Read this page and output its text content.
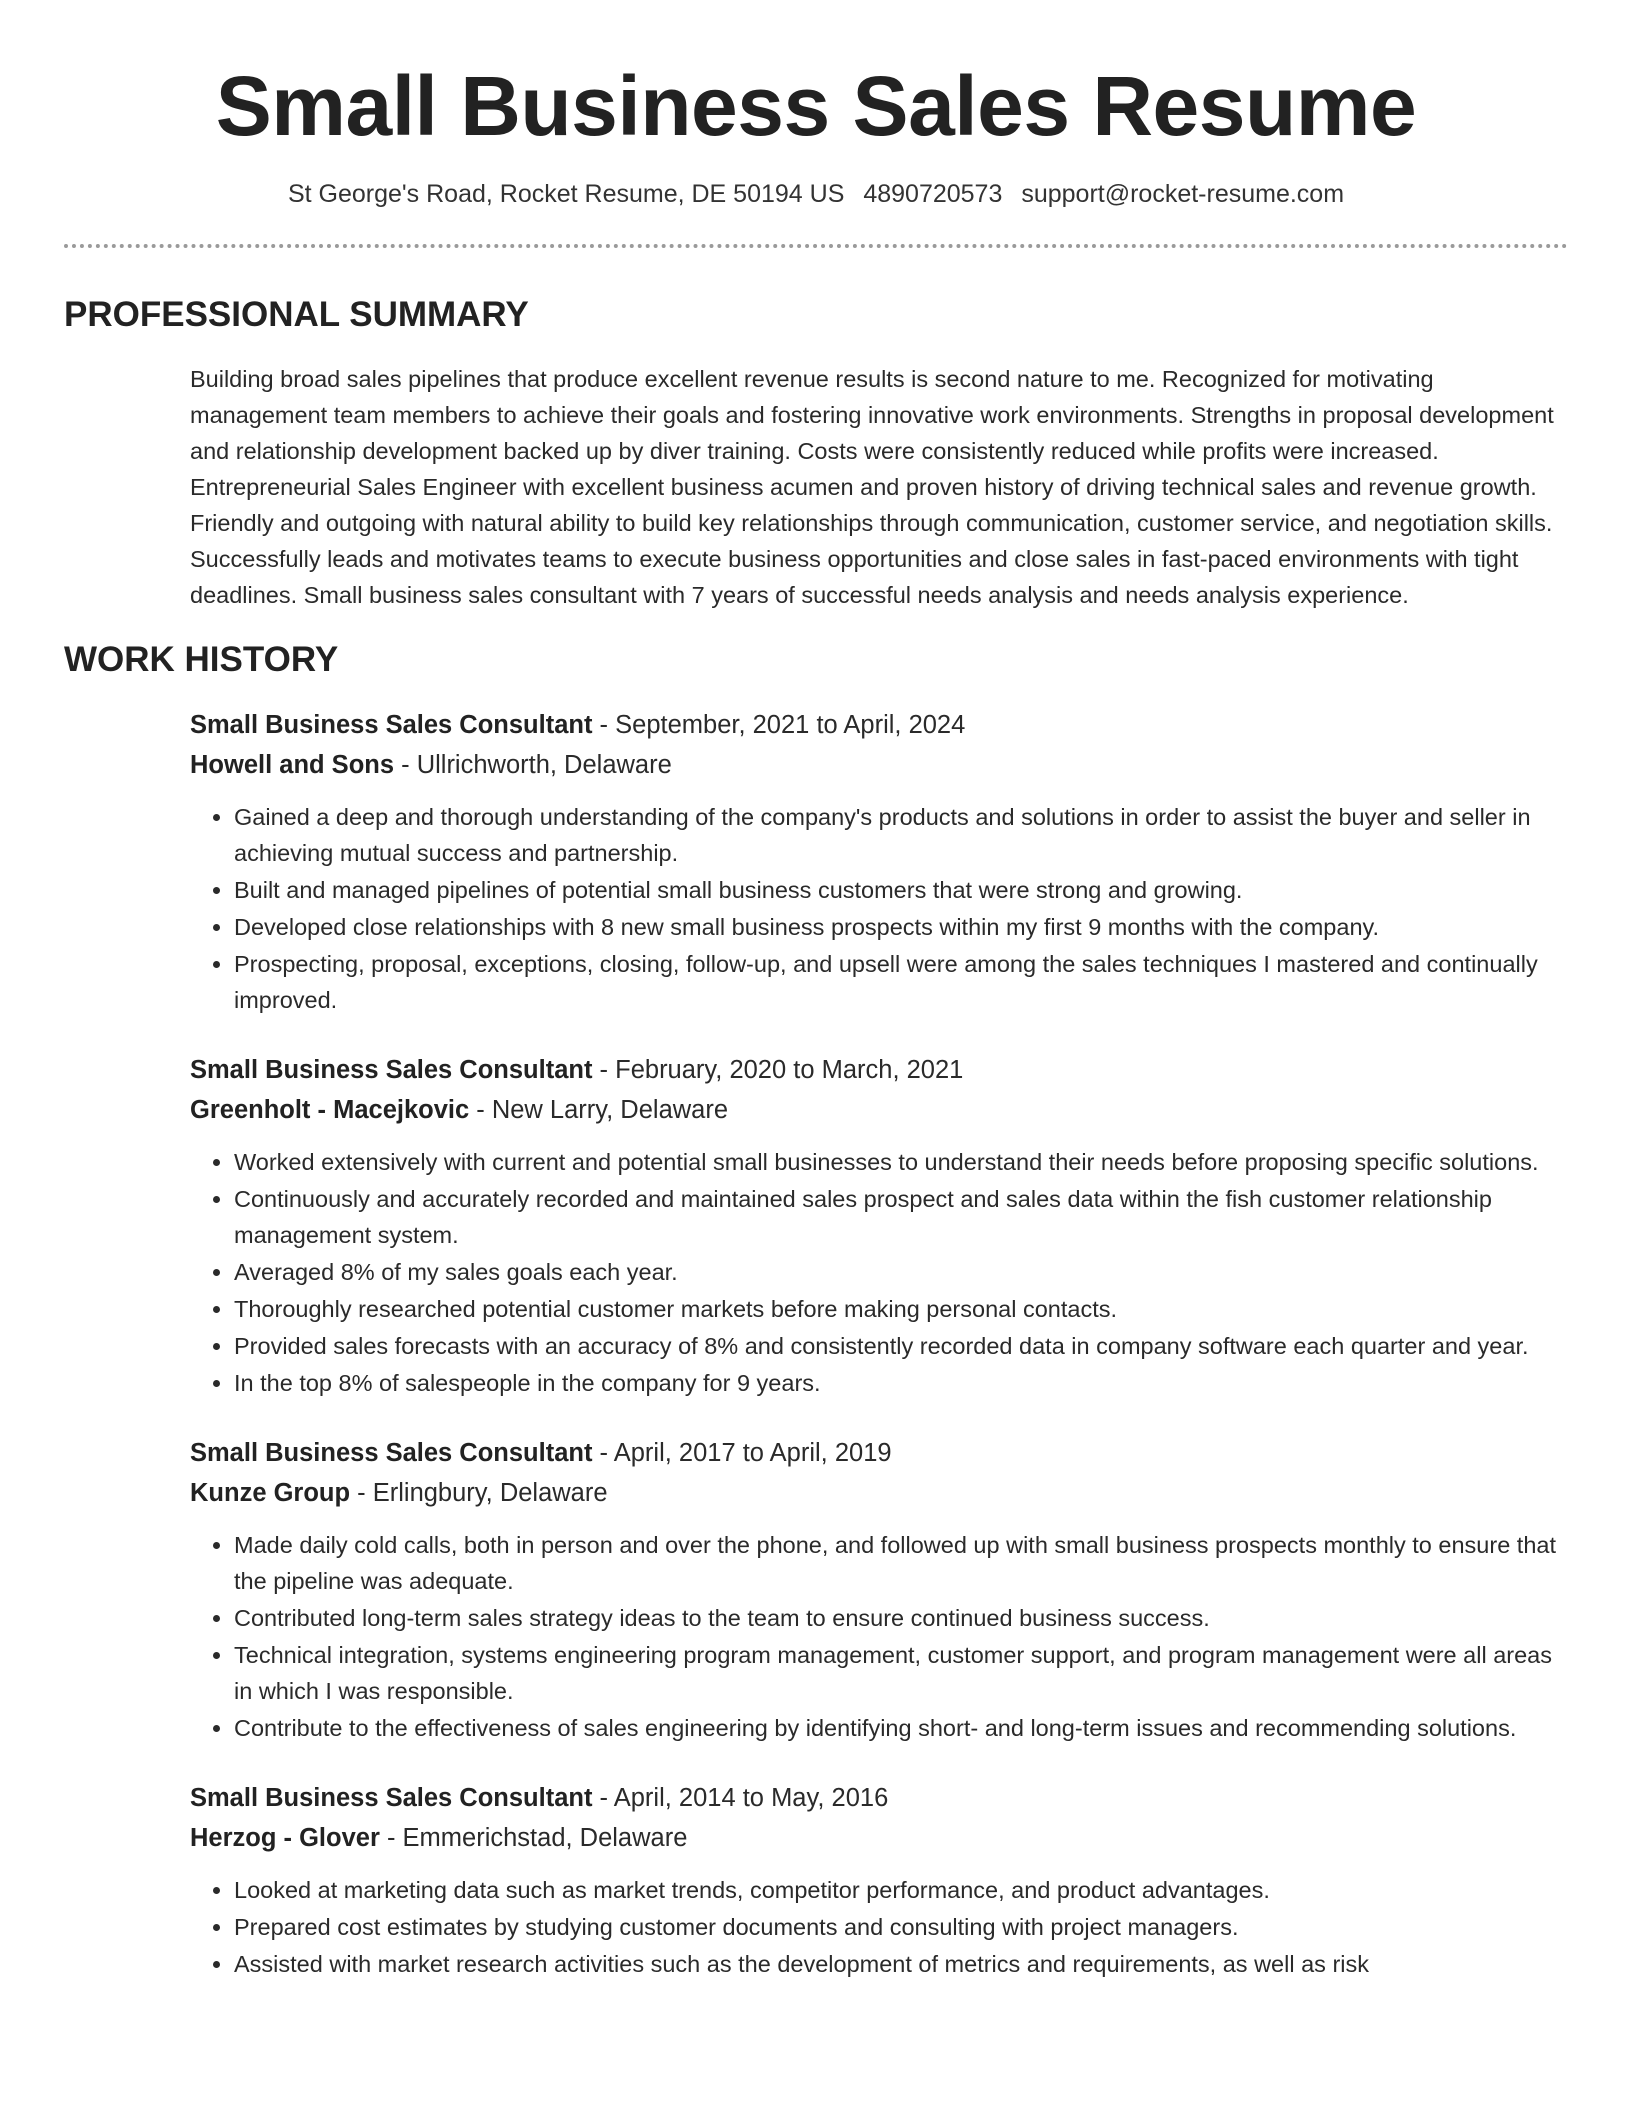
Small Business Sales Resume
St George's Road, Rocket Resume, DE 50194 US 4890720573 support@rocket-resume.com
PROFESSIONAL SUMMARY

Building broad sales pipelines that produce excellent revenue results is second nature to me. Recognized for motivating management team members to achieve their goals and fostering innovative work environments. Strengths in proposal development and relationship development backed up by diver training. Costs were consistently reduced while profits were increased. Entrepreneurial Sales Engineer with excellent business acumen and proven history of driving technical sales and revenue growth. Friendly and outgoing with natural ability to build key relationships through communication, customer service, and negotiation skills. Successfully leads and motivates teams to execute business opportunities and close sales in fast-paced environments with tight deadlines. Small business sales consultant with 7 years of successful needs analysis and needs analysis experience.

WORK HISTORY
Small Business Sales Consultant - September, 2021 to April, 2024
Howell and Sons - Ullrichworth, Delaware
• Gained a deep and thorough understanding of the company's products and solutions in order to assist the buyer and seller in achieving mutual success and partnership.
• Built and managed pipelines of potential small business customers that were strong and growing.
• Developed close relationships with 8 new small business prospects within my first 9 months with the company.
• Prospecting, proposal, exceptions, closing, follow-up, and upsell were among the sales techniques I mastered and continually improved.
Small Business Sales Consultant - February, 2020 to March, 2021
Greenholt - Macejkovic - New Larry, Delaware
• Worked extensively with current and potential small businesses to understand their needs before proposing specific solutions.
• Continuously and accurately recorded and maintained sales prospect and sales data within the fish customer relationship management system.
• Averaged 8% of my sales goals each year.
• Thoroughly researched potential customer markets before making personal contacts.
• Provided sales forecasts with an accuracy of 8% and consistently recorded data in company software each quarter and year.
• In the top 8% of salespeople in the company for 9 years.
Small Business Sales Consultant - April, 2017 to April, 2019
Kunze Group - Erlingbury, Delaware
• Made daily cold calls, both in person and over the phone, and followed up with small business prospects monthly to ensure that the pipeline was adequate.
• Contributed long-term sales strategy ideas to the team to ensure continued business success.
• Technical integration, systems engineering program management, customer support, and program management were all areas in which I was responsible.
• Contribute to the effectiveness of sales engineering by identifying short- and long-term issues and recommending solutions.
Small Business Sales Consultant - April, 2014 to May, 2016
Herzog - Glover - Emmerichstad, Delaware
• Looked at marketing data such as market trends, competitor performance, and product advantages.
• Prepared cost estimates by studying customer documents and consulting with project managers.
• Assisted with market research activities such as the development of metrics and requirements, as well as risk
